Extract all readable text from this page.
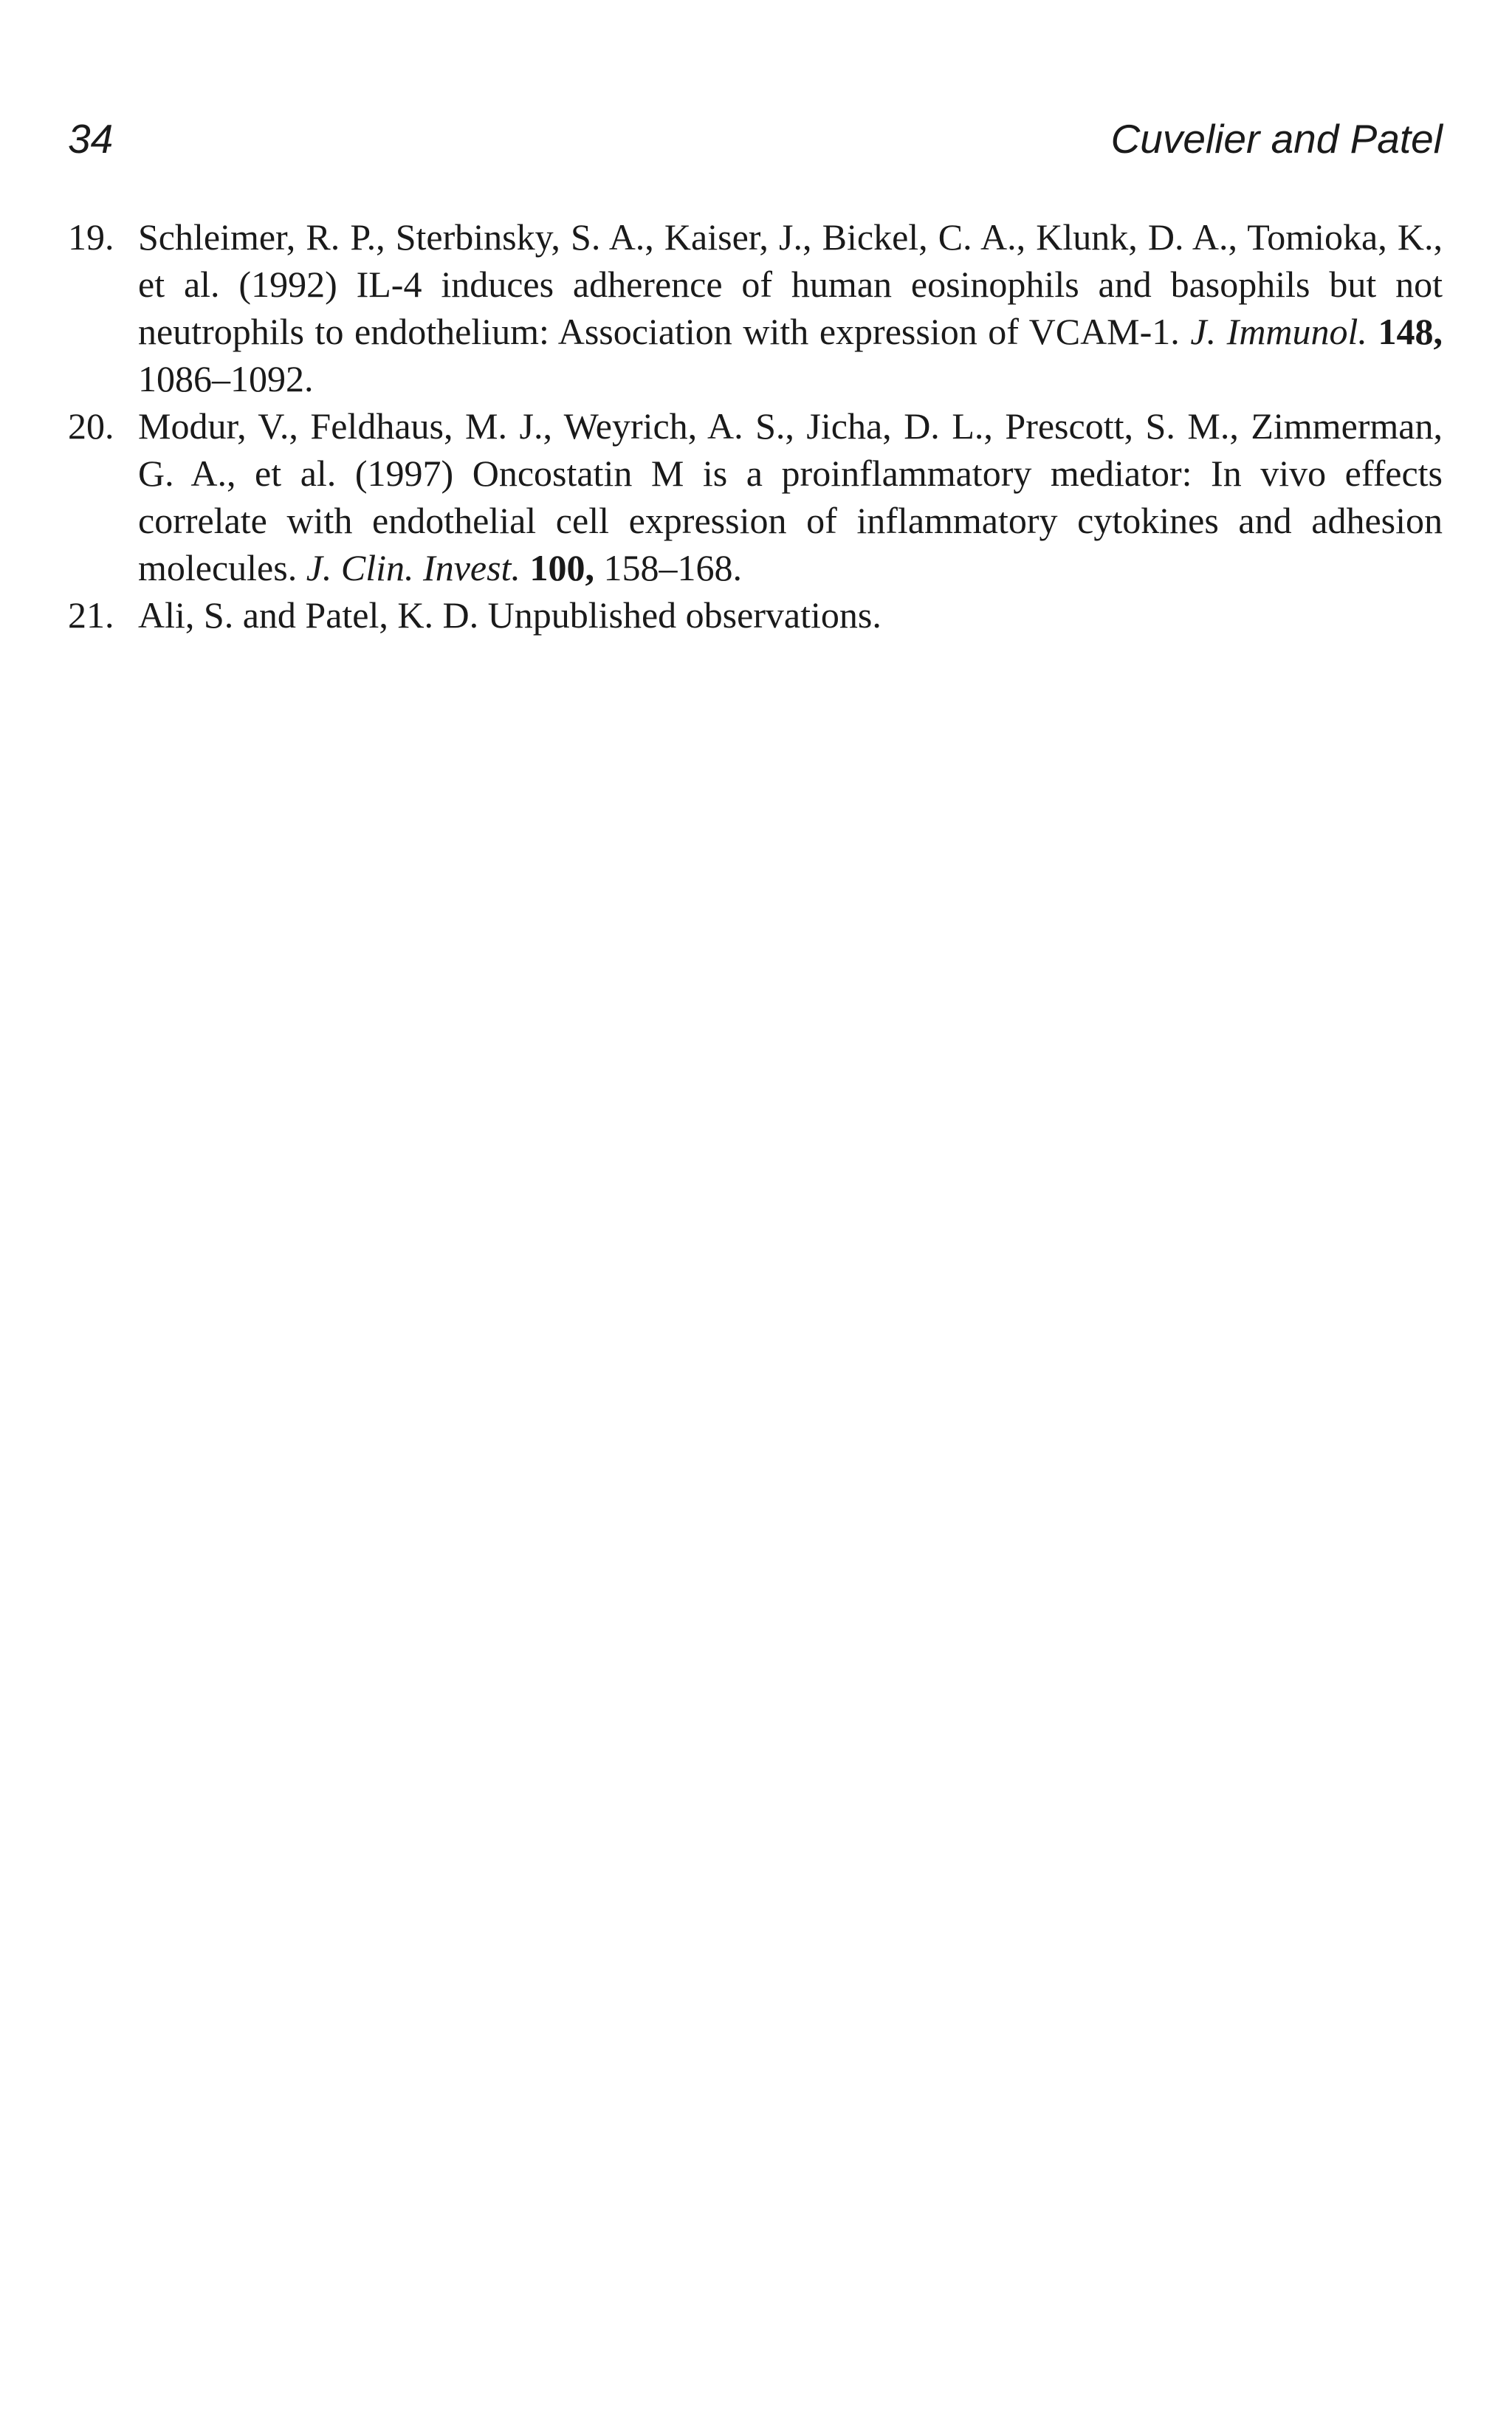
34	Cuvelier and Patel
19. Schleimer, R. P., Sterbinsky, S. A., Kaiser, J., Bickel, C. A., Klunk, D. A., Tomioka, K., et al. (1992) IL-4 induces adherence of human eosinophils and basophils but not neutrophils to endothelium: Association with expression of VCAM-1. J. Immunol. 148, 1086–1092.
20. Modur, V., Feldhaus, M. J., Weyrich, A. S., Jicha, D. L., Prescott, S. M., Zimmerman, G. A., et al. (1997) Oncostatin M is a proinflammatory mediator: In vivo effects correlate with endothelial cell expression of inflammatory cytokines and adhesion molecules. J. Clin. Invest. 100, 158–168.
21. Ali, S. and Patel, K. D. Unpublished observations.
